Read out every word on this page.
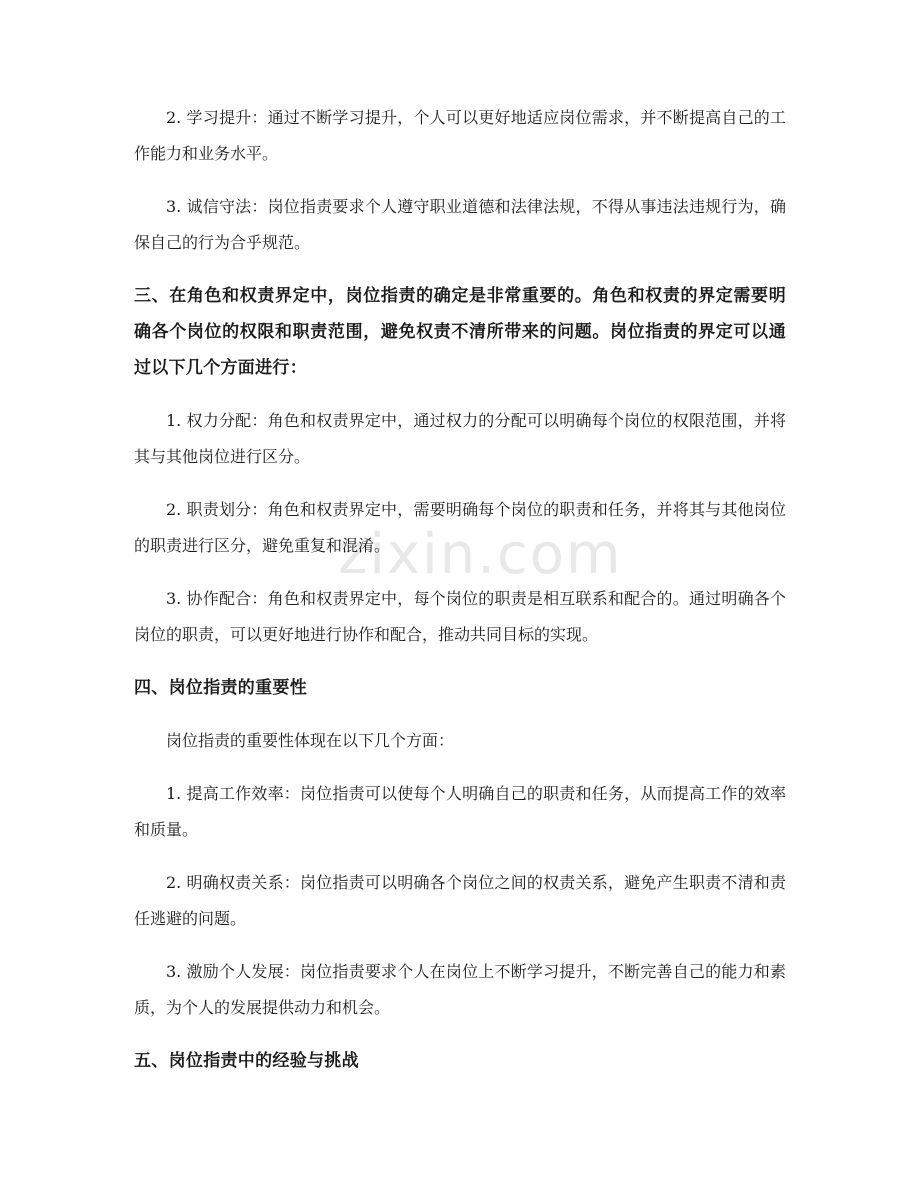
zixin.com

2. 学习提升：通过不断学习提升，个人可以更好地适应岗位需求，并不断提高自己的工作能力和业务水平。

3. 诚信守法：岗位指责要求个人遵守职业道德和法律法规，不得从事违法违规行为，确保自己的行为合乎规范。

三、在角色和权责界定中，岗位指责的确定是非常重要的。角色和权责的界定需要明确各个岗位的权限和职责范围，避免权责不清所带来的问题。岗位指责的界定可以通过以下几个方面进行：

1. 权力分配：角色和权责界定中，通过权力的分配可以明确每个岗位的权限范围，并将其与其他岗位进行区分。

2. 职责划分：角色和权责界定中，需要明确每个岗位的职责和任务，并将其与其他岗位的职责进行区分，避免重复和混淆。

3. 协作配合：角色和权责界定中，每个岗位的职责是相互联系和配合的。通过明确各个岗位的职责，可以更好地进行协作和配合，推动共同目标的实现。

四、岗位指责的重要性

岗位指责的重要性体现在以下几个方面：

1. 提高工作效率：岗位指责可以使每个人明确自己的职责和任务，从而提高工作的效率和质量。

2. 明确权责关系：岗位指责可以明确各个岗位之间的权责关系，避免产生职责不清和责任逃避的问题。

3. 激励个人发展：岗位指责要求个人在岗位上不断学习提升，不断完善自己的能力和素质，为个人的发展提供动力和机会。

五、岗位指责中的经验与挑战
